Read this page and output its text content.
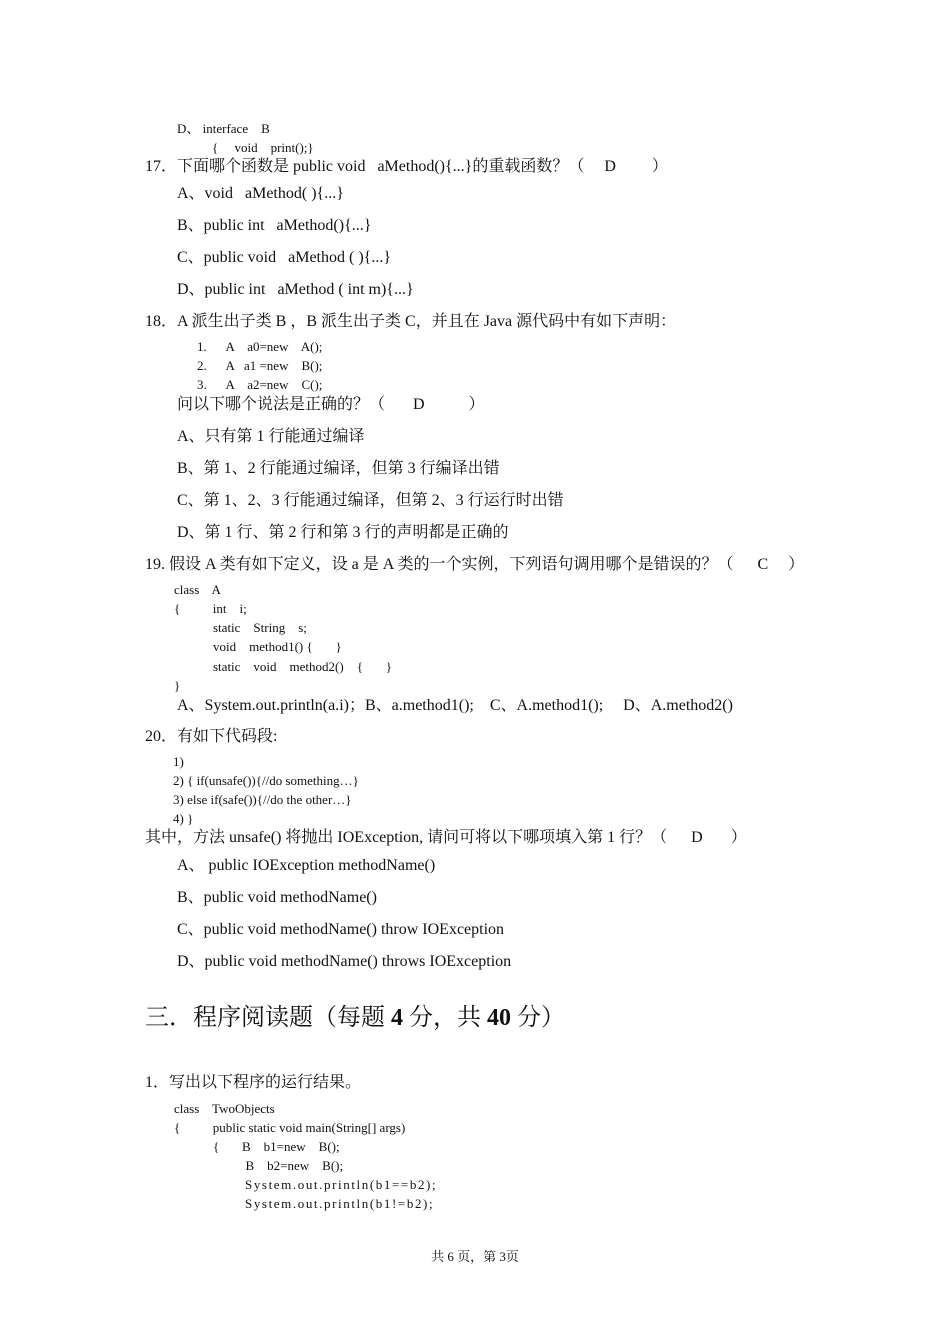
D、 interface    B
{     void    print();}
17．下面哪个函数是 public void   aMethod(){...}的重载函数？（     D         ）
A、void   aMethod( ){...}
B、public int   aMethod(){...}
C、public void   aMethod ( ){...}
D、public int   aMethod ( int m){...}
18．A 派生出子类 B ，B 派生出子类 C，并且在 Java 源代码中有如下声明：
1.      A    a0=new    A();
2.      A   a1 =new    B();
3.      A    a2=new    C();
问以下哪个说法是正确的？（       D           ）
A、只有第 1 行能通过编译
B、第 1、2 行能通过编译，但第 3 行编译出错
C、第 1、2、3 行能通过编译，但第 2、3 行运行时出错
D、第 1 行、第 2 行和第 3 行的声明都是正确的
19. 假设 A 类有如下定义，设 a 是 A 类的一个实例，下列语句调用哪个是错误的？（      C     ）
class    A
{          int    i;
static    String    s;
void    method1() {       }
static    void    method2()    {       }
}
A、System.out.println(a.i)；B、a.method1();    C、A.method1();     D、A.method2()
20．有如下代码段:
1)
2) { if(unsafe()){//do something…}
3) else if(safe()){//do the other…}
4) }
其中，方法 unsafe() 将抛出 IOException, 请问可将以下哪项填入第 1 行？（      D       ）
A、 public IOException methodName()
B、public void methodName()
C、public void methodName() throw IOException
D、public void methodName() throws IOException
三．程序阅读题（每题 4 分，共 40 分）
1．写出以下程序的运行结果。
class    TwoObjects
{          public static void main(String[] args)
{       B    b1=new    B();
B    b2=new    B();
System.out.println(b1==b2);
System.out.println(b1!=b2);
共 6 页，第 3页
